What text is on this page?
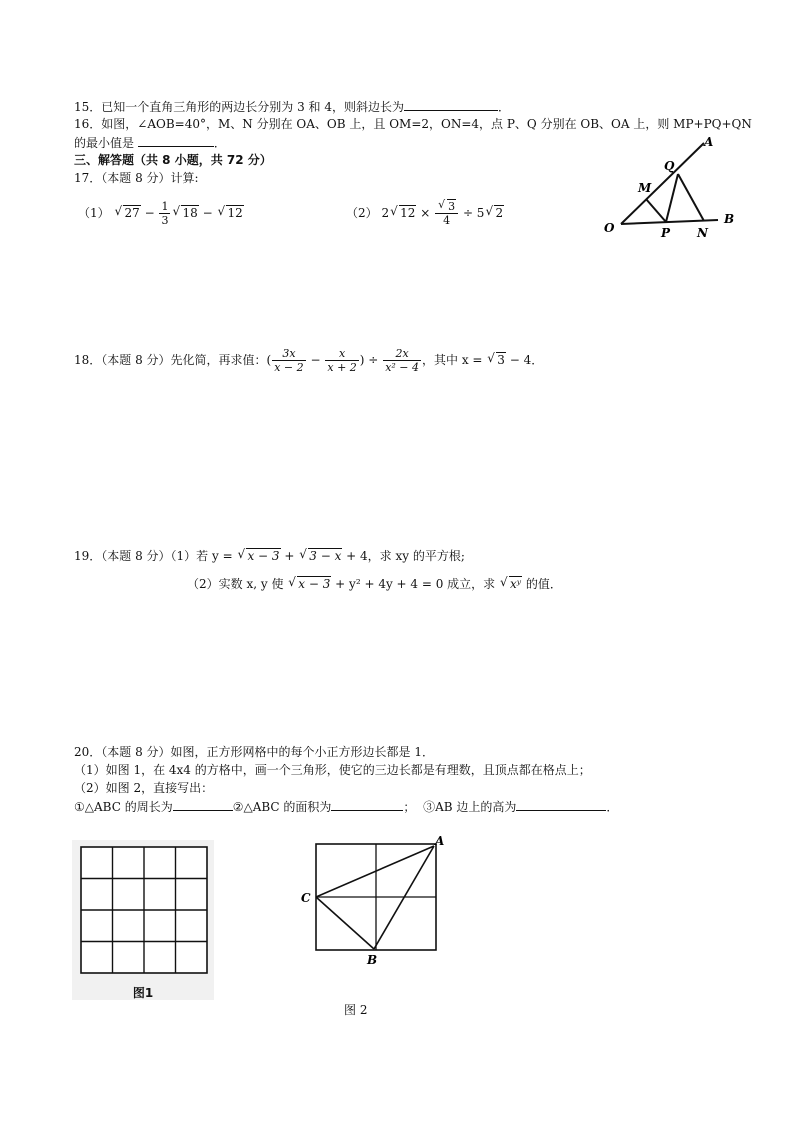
15．已知一个直角三角形的两边长分别为 3 和 4，则斜边长为	．
16．如图，∠AOB=40°，M、N 分别在 OA、OB 上，且 OM=2，ON=4，点 P、Q 分别在 OB、OA 上，则 MP+PQ+QN
的最小值是	．	A
Q
M
O	P N
B
三、解答题（共 8 小题，共 72 分）
17．（本题 8 分）计算:
（1） √ $27 - \frac{1}{3}$
√ 18 − √ 12	（2） 2√ 12 ×
√ $\frac{3}{4} \div 5√$ 2
18．（本题 8 分）先化简，再求值：( $\frac{3x}{x - 2} - \frac{x}{x + 2}$ ) ÷ $\frac{2x}{\text{x² − 4}}$ ，其中 x = √ 3 − 4．
19．（本题 8 分）（1）若 y = √ x − 3 + √ 3 − x + 4，求 xy 的平方根;
（2）实数 x, y 使 √ x − 3 + y² + 4y + 4 = 0 成立，求 √ xʸ 的值．
20．（本题 8 分）如图，正方形网格中的每个小正方形边长都是 1．
（1）如图 1，在 4x4 的方格中，画一个三角形，使它的三边长都是有理数，且顶点都在格点上；
（2）如图 2，直接写出：
①△ABC 的周长为	②△ABC 的面积为	； ③AB 边上的高为	．
图1
A
C
B
图 2
